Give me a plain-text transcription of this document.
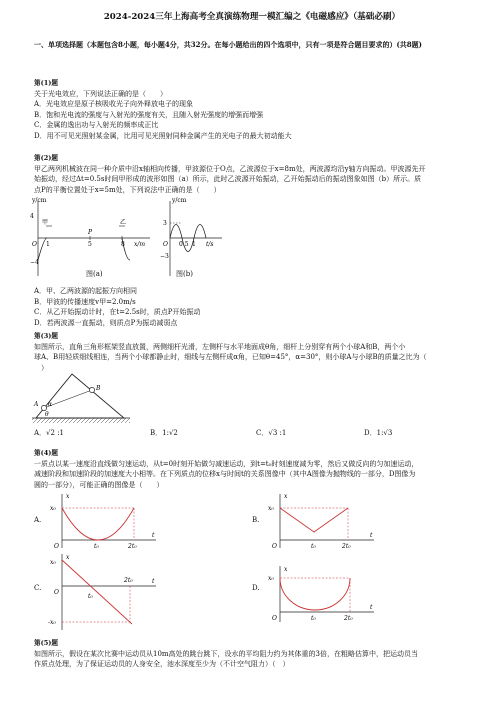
2024-2024三年上海高考全真演练物理一模汇编之《电磁感应》（基础必刷）
一、单项选择题（本题包含8小题，每小题4分，共32分。在每小题给出的四个选项中，只有一项是符合题目要求的）(共8题)
第(1)题
关于光电效应，下列说法正确的是（　　）
A．光电效应是原子核吸收光子向外释放电子的现象
B．饱和光电流的强度与入射光的强度有关，且随入射光强度的增强而增强
C．金属的逸出功与入射光的频率成正比
D．用不可见光照射某金属，比用可见光照射同种金属产生的光电子的最大初动能大
第(2)题
甲乙两列机械波在同一种介质中沿x轴相向传播，甲波源位于O点，乙波源位于x=8m处，两波源均沿y轴方向振动。甲波源先开
始振动，经过Δt=0.5s时间甲形成的波形如图（a）所示，此时乙波源开始振动，乙开始振动后的振动图象如图（b）所示。质
点P的平衡位置处于x=5m处，下列说法中正确的是（　　）
y/cm
4
−4
O 1	5	8 x/m
P
甲	乙
图(a)
y/cm
3
−3
O 0.5 1 t/s
图(b)
A．甲、乙两波源的起振方向相同
B．甲波的传播速度v甲=2.0m/s
C．从乙开始振动计时，在t=2.5s时，质点P开始振动
D．若两波源一直振动，则质点P为振动减弱点
第(3)题
如图所示，直角三角形框架竖直放置，两侧细杆光滑，左侧杆与水平地面成θ角，细杆上分别穿有两个小球A和B，两个小
球A、B用轻质细线相连，当两个小球都静止时，细线与左侧杆成α角，已知θ=45°，α=30°，则小球A与小球B的质量之比为（
　）
A
B
α
θ
A．√2 :1	B．1:√2	C．√3 :1	D．1:√3
第(4)题
一质点以某一速度沿直线做匀速运动，从t=0时刻开始做匀减速运动，到t=t₀时刻速度减为零，然后又做反向的匀加速运动，
减速阶段和加速阶段的加速度大小相等。在下列质点的位移x与时间t的关系图像中（其中A图像为抛物线的一部分，D图像为
圆的一部分），可能正确的图像是（　　）
A.
x
x₀
O	t₀	2t₀
t
B.
x
x₀
O	t₀	2t₀
t
C.
x
x₀
-x₀
O
t₀
2t₀	t
D.
x
x₀
O	t₀	2t₀
t
第(5)题
如图所示，假设在某次比赛中运动员从10m高处的跳台跳下，设水的平均阻力约为其体重的3倍，在粗略估算中，把运动员当
作质点处理，为了保证运动员的人身安全，池水深度至少为（不计空气阻力）（　）
